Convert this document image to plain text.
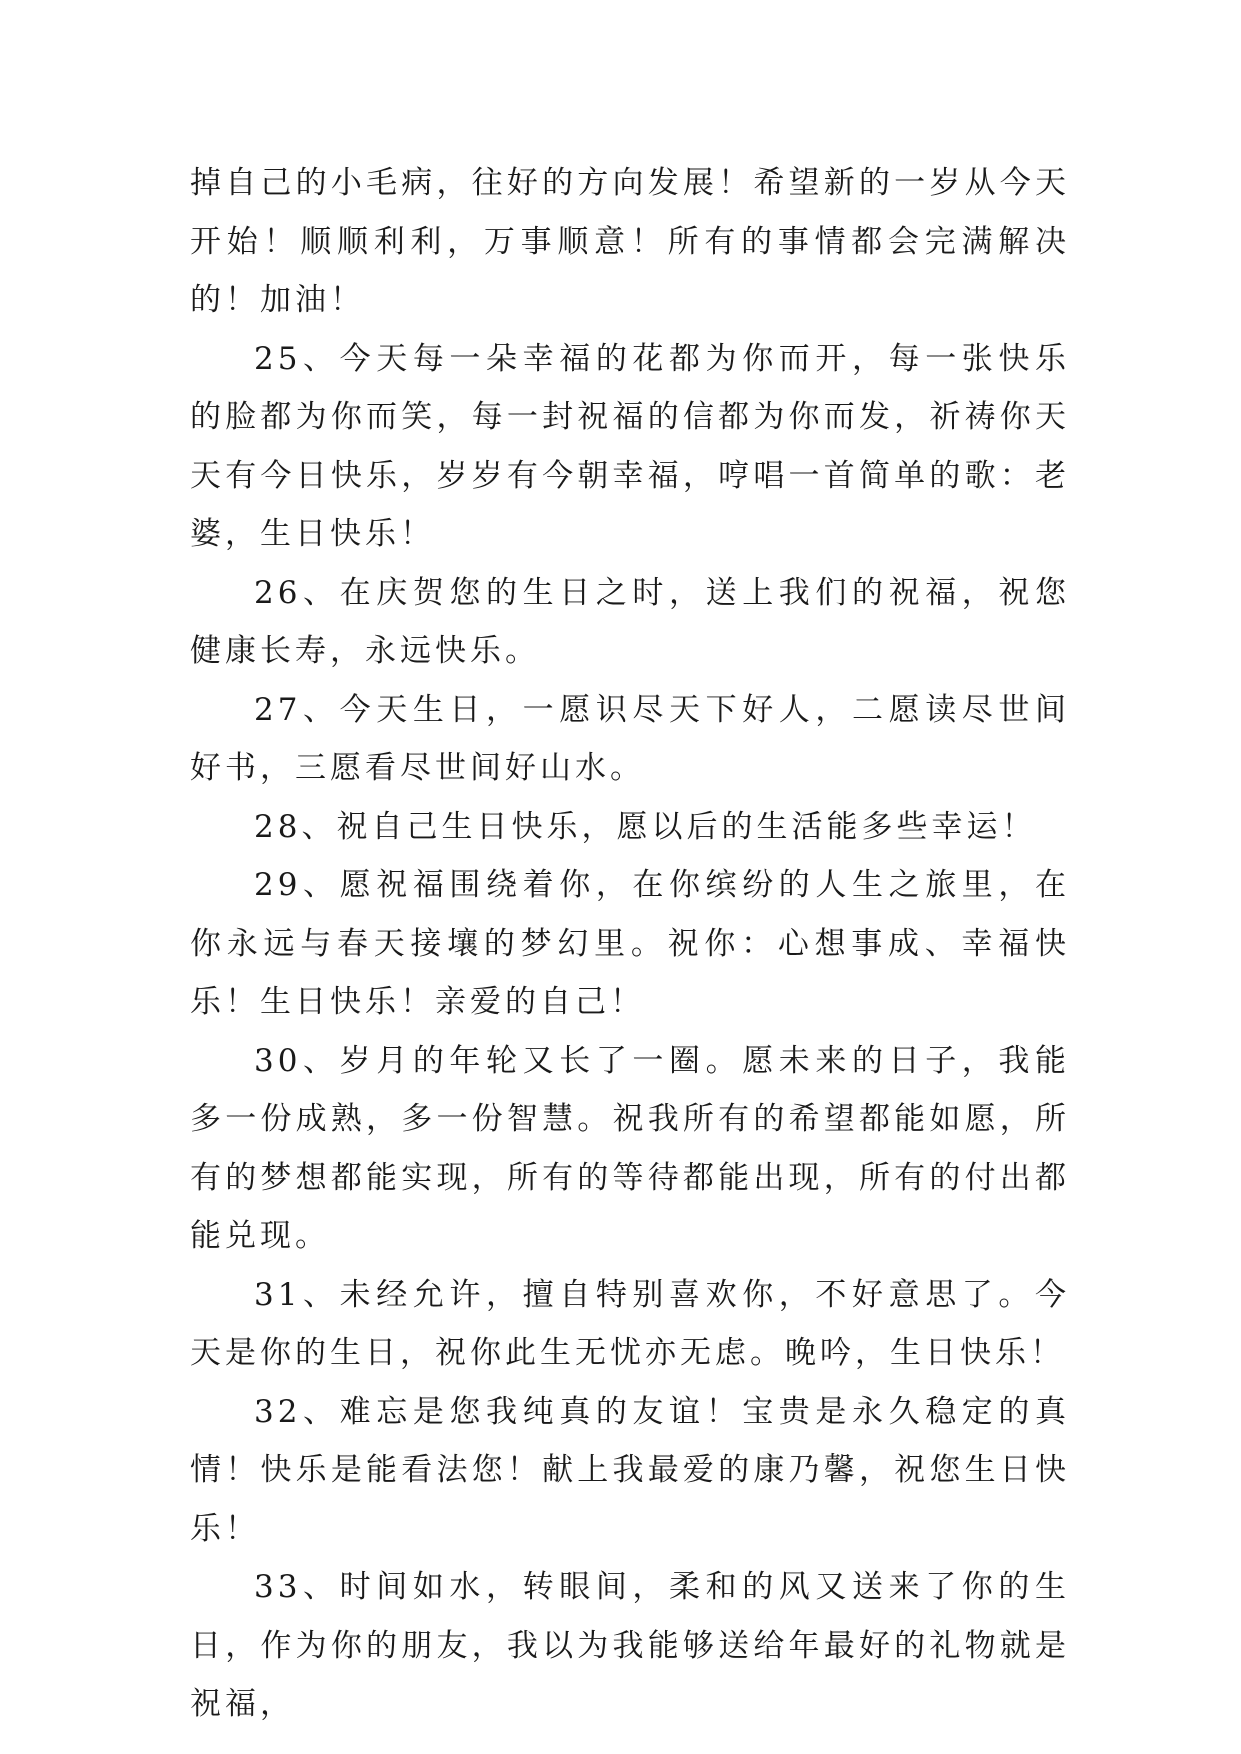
掉自己的小毛病，往好的方向发展！希望新的一岁从今天开始！顺顺利利，万事顺意！所有的事情都会完满解决的！加油！

25、今天每一朵幸福的花都为你而开，每一张快乐的脸都为你而笑，每一封祝福的信都为你而发，祈祷你天天有今日快乐，岁岁有今朝幸福，哼唱一首简单的歌：老婆，生日快乐！

26、在庆贺您的生日之时，送上我们的祝福，祝您健康长寿，永远快乐。

27、今天生日，一愿识尽天下好人，二愿读尽世间好书，三愿看尽世间好山水。

28、祝自己生日快乐，愿以后的生活能多些幸运！

29、愿祝福围绕着你，在你缤纷的人生之旅里，在你永远与春天接壤的梦幻里。祝你：心想事成、幸福快乐！生日快乐！亲爱的自己！

30、岁月的年轮又长了一圈。愿未来的日子，我能多一份成熟，多一份智慧。祝我所有的希望都能如愿，所有的梦想都能实现，所有的等待都能出现，所有的付出都能兑现。

31、未经允许，擅自特别喜欢你，不好意思了。今天是你的生日，祝你此生无忧亦无虑。晚吟，生日快乐！

32、难忘是您我纯真的友谊！宝贵是永久稳定的真情！快乐是能看法您！献上我最爱的康乃馨，祝您生日快乐！

33、时间如水，转眼间，柔和的风又送来了你的生日，作为你的朋友，我以为我能够送给年最好的礼物就是祝福，
